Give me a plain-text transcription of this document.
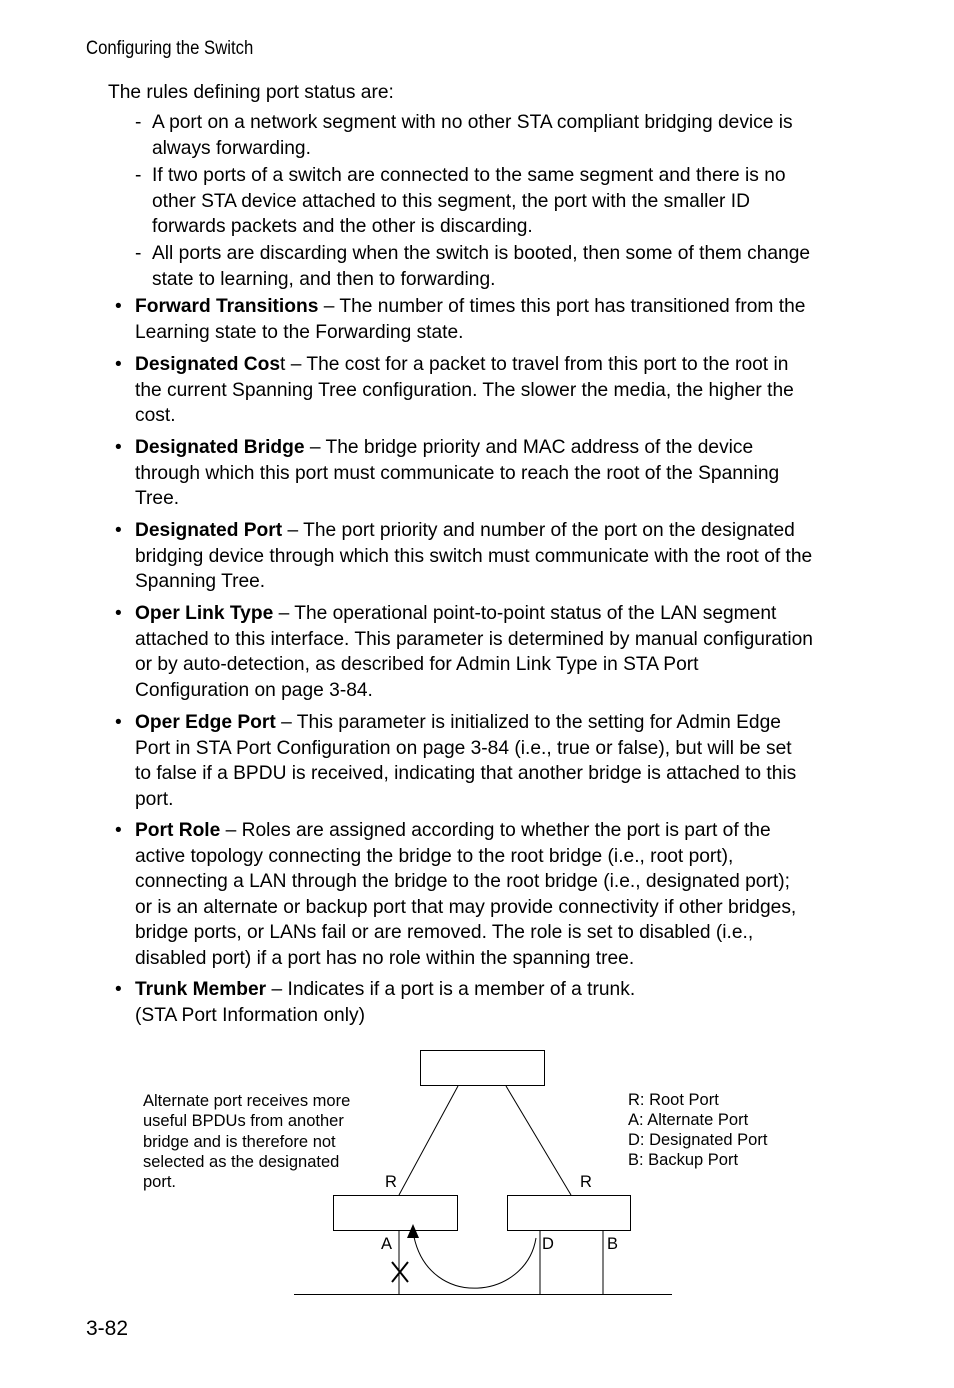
Configuring the Switch
The rules defining port status are:
- A port on a network segment with no other STA compliant bridging device is
always forwarding.
- If two ports of a switch are connected to the same segment and there is no
other STA device attached to this segment, the port with the smaller ID
forwards packets and the other is discarding.
- All ports are discarding when the switch is booted, then some of them change
state to learning, and then to forwarding.
• Forward Transitions – The number of times this port has transitioned from the
Learning state to the Forwarding state.
• Designated Cost – The cost for a packet to travel from this port to the root in
the current Spanning Tree configuration. The slower the media, the higher the
cost.
• Designated Bridge – The bridge priority and MAC address of the device
through which this port must communicate to reach the root of the Spanning
Tree.
• Designated Port – The port priority and number of the port on the designated
bridging device through which this switch must communicate with the root of the
Spanning Tree.
• Oper Link Type – The operational point-to-point status of the LAN segment
attached to this interface. This parameter is determined by manual configuration
or by auto-detection, as described for Admin Link Type in STA Port
Configuration on page 3-84.
• Oper Edge Port – This parameter is initialized to the setting for Admin Edge
Port in STA Port Configuration on page 3-84 (i.e., true or false), but will be set
to false if a BPDU is received, indicating that another bridge is attached to this
port.
• Port Role – Roles are assigned according to whether the port is part of the
active topology connecting the bridge to the root bridge (i.e., root port),
connecting a LAN through the bridge to the root bridge (i.e., designated port);
or is an alternate or backup port that may provide connectivity if other bridges,
bridge ports, or LANs fail or are removed. The role is set to disabled (i.e.,
disabled port) if a port has no role within the spanning tree.
• Trunk Member – Indicates if a port is a member of a trunk.
(STA Port Information only)
Alternate port receives more
useful BPDUs from another
bridge and is therefore not
selected as the designated
port.
R: Root Port
A: Alternate Port
D: Designated Port
B: Backup Port
R	R
A	D	B
3-82
